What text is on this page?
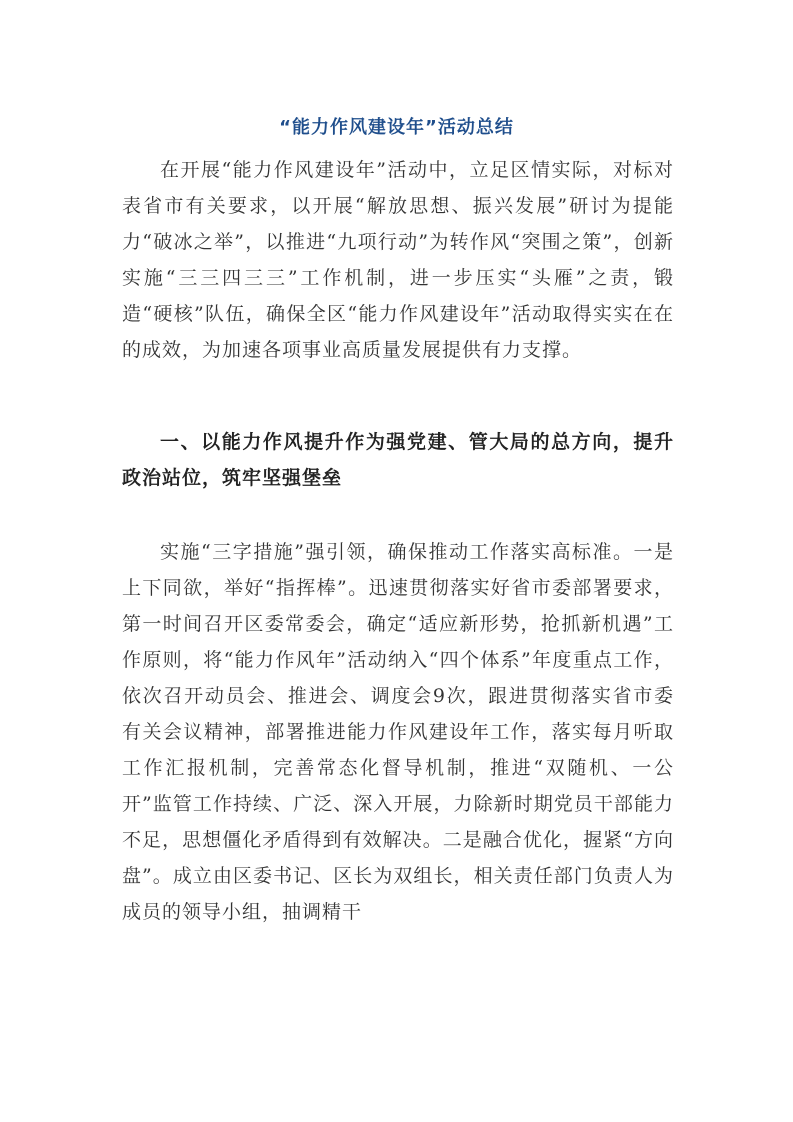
“能力作风建设年”活动总结

在开展“能力作风建设年”活动中，立足区情实际，对标对表省市有关要求，以开展“解放思想、振兴发展”研讨为提能力“破冰之举”，以推进“九项行动”为转作风“突围之策”，创新实施“三三四三三”工作机制，进一步压实“头雁”之责，锻造“硬核”队伍，确保全区“能力作风建设年”活动取得实实在在的成效，为加速各项事业高质量发展提供有力支撑。

一、以能力作风提升作为强党建、管大局的总方向，提升政治站位，筑牢坚强堡垒

实施“三字措施”强引领，确保推动工作落实高标准。一是上下同欲，举好“指挥棒”。迅速贯彻落实好省市委部署要求，第一时间召开区委常委会，确定“适应新形势，抢抓新机遇”工作原则，将“能力作风年”活动纳入“四个体系”年度重点工作，依次召开动员会、推进会、调度会9次，跟进贯彻落实省市委有关会议精神，部署推进能力作风建设年工作，落实每月听取工作汇报机制，完善常态化督导机制，推进“双随机、一公开”监管工作持续、广泛、深入开展，力除新时期党员干部能力不足，思想僵化矛盾得到有效解决。二是融合优化，握紧“方向盘”。成立由区委书记、区长为双组长，相关责任部门负责人为成员的领导小组，抽调精干
